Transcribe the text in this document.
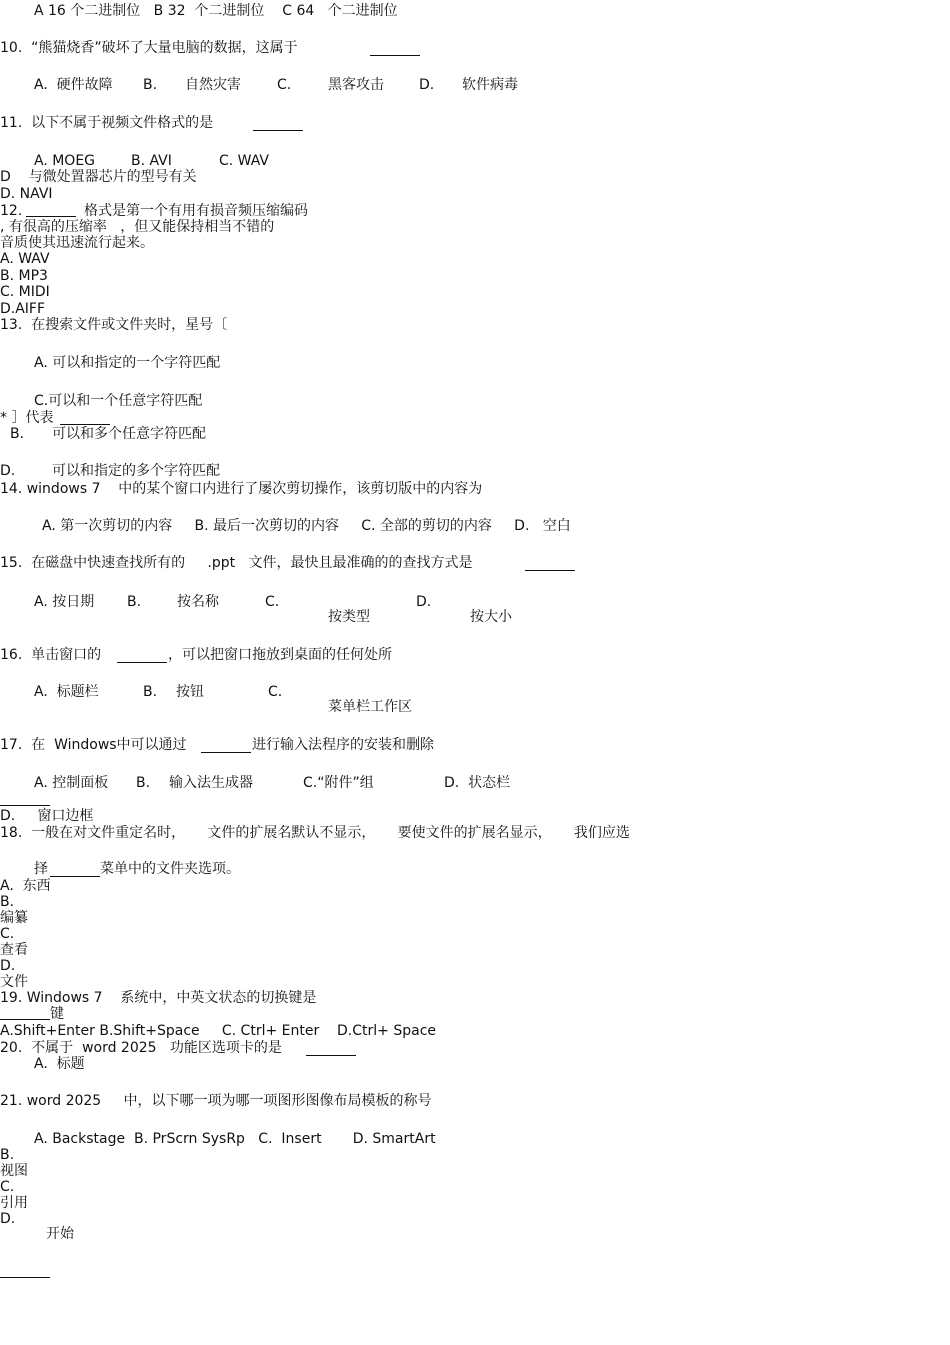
A 16 个二进制位   B 32  个二进制位    C 64   个二进制位
10.  “熊猫烧香”破坏了大量电脑的数据，这属于
A.  硬件故障 B. 自然灾害	C.	黑客攻击	D. 软件病毒
11.  以下不属于视频文件格式的是
A. MOEG	B. AVI	C. WAV
D    与微处置器芯片的型号有关
D. NAVI
12.	格式是第一个有用有损音频压缩编码
, 有很高的压缩率   ，但又能保持相当不错的
音质使其迅速流行起来。
A. WAV
B. MP3
C. MIDI
D.AIFF
13.  在搜索文件或文件夹时，星号〔
A. 可以和指定的一个字符匹配
C.可以和一个任意字符匹配
* ］代表
B. 可以和多个任意字符匹配
D.	可以和指定的多个字符匹配
14. windows 7    中的某个窗口内进行了屡次剪切操作，该剪切版中的内容为
A. 第一次剪切的内容     B. 最后一次剪切的内容     C. 全部的剪切的内容     D.   空白
15.  在磁盘中快速查找所有的     .ppt   文件，最快且最准确的的查找方式是
A. 按日期 B.	按名称	C.	D.
按类型	按大小
16.  单击窗口的	，可以把窗口拖放到桌面的任何处所
A.  标题栏	B. 按钮	C.
菜单栏工作区
17.  在  Windows中可以通过	进行输入法程序的安装和删除
A. 控制面板 B. 输入法生成器	C.“附件”组	D.  状态栏
D.     窗口边框
18.  一般在对文件重定名时，     文件的扩展名默认不显示，     要使文件的扩展名显示，     我们应选
择	菜单中的文件夹选项。
A.  东西
B.
编纂
C.
查看
D.
文件
19. Windows 7    系统中，中英文状态的切换键是
键
A.Shift+Enter B.Shift+Space     C. Ctrl+ Enter    D.Ctrl+ Space
20.  不属于  word 2025   功能区选项卡的是
A.  标题
21. word 2025     中，以下哪一项为哪一项图形图像布局模板的称号
A. Backstage  B. PrScrn SysRp   C.  Insert       D. SmartArt
B.
视图
C.
引用
D.
开始
